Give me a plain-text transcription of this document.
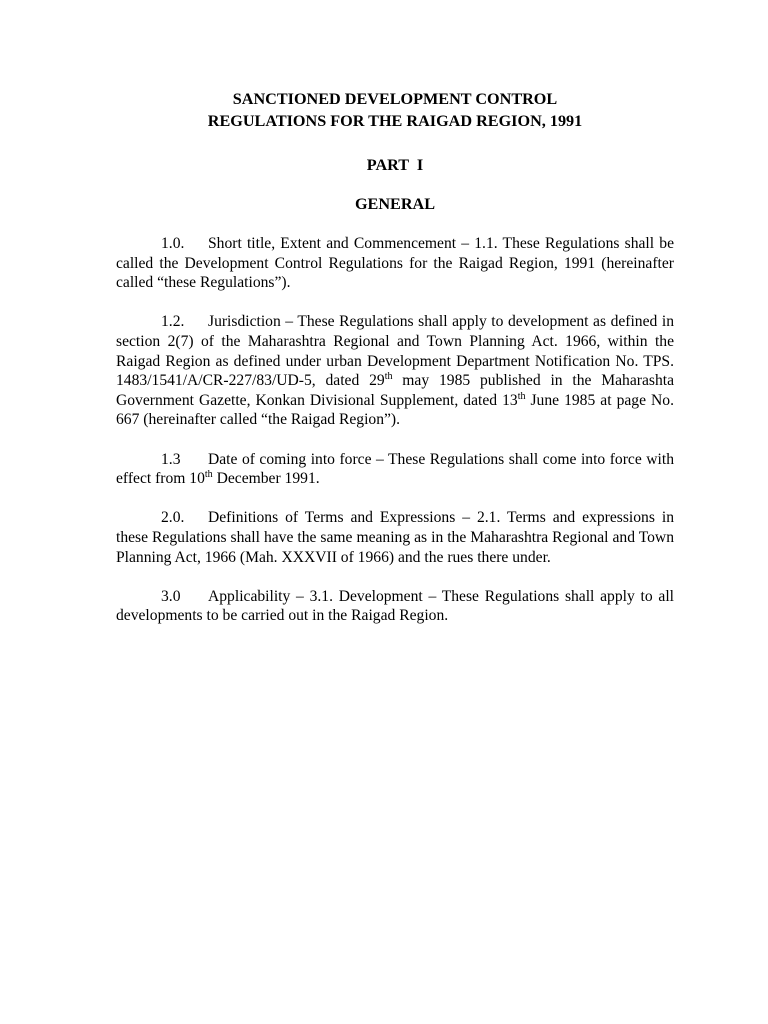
SANCTIONED DEVELOPMENT CONTROL
REGULATIONS FOR THE RAIGAD REGION, 1991
PART  I
GENERAL

1.0. Short title, Extent and Commencement – 1.1. These Regulations shall be called the Development Control Regulations for the Raigad Region, 1991 (hereinafter called “these Regulations”).

1.2. Jurisdiction – These Regulations shall apply to development as defined in section 2(7) of the Maharashtra Regional and Town Planning Act. 1966, within the Raigad Region as defined under urban Development Department Notification No. TPS. 1483/1541/A/CR-227/83/UD-5, dated 29th may 1985 published in the Maharashta Government Gazette, Konkan Divisional Supplement, dated 13th June 1985 at page No. 667 (hereinafter called “the Raigad Region”).

1.3 Date of coming into force – These Regulations shall come into force with effect from 10th December 1991.

2.0. Definitions of Terms and Expressions – 2.1. Terms and expressions in these Regulations shall have the same meaning as in the Maharashtra Regional and Town Planning Act, 1966 (Mah. XXXVII of 1966) and the rues there under.

3.0 Applicability – 3.1. Development – These Regulations shall apply to all developments to be carried out in the Raigad Region.
